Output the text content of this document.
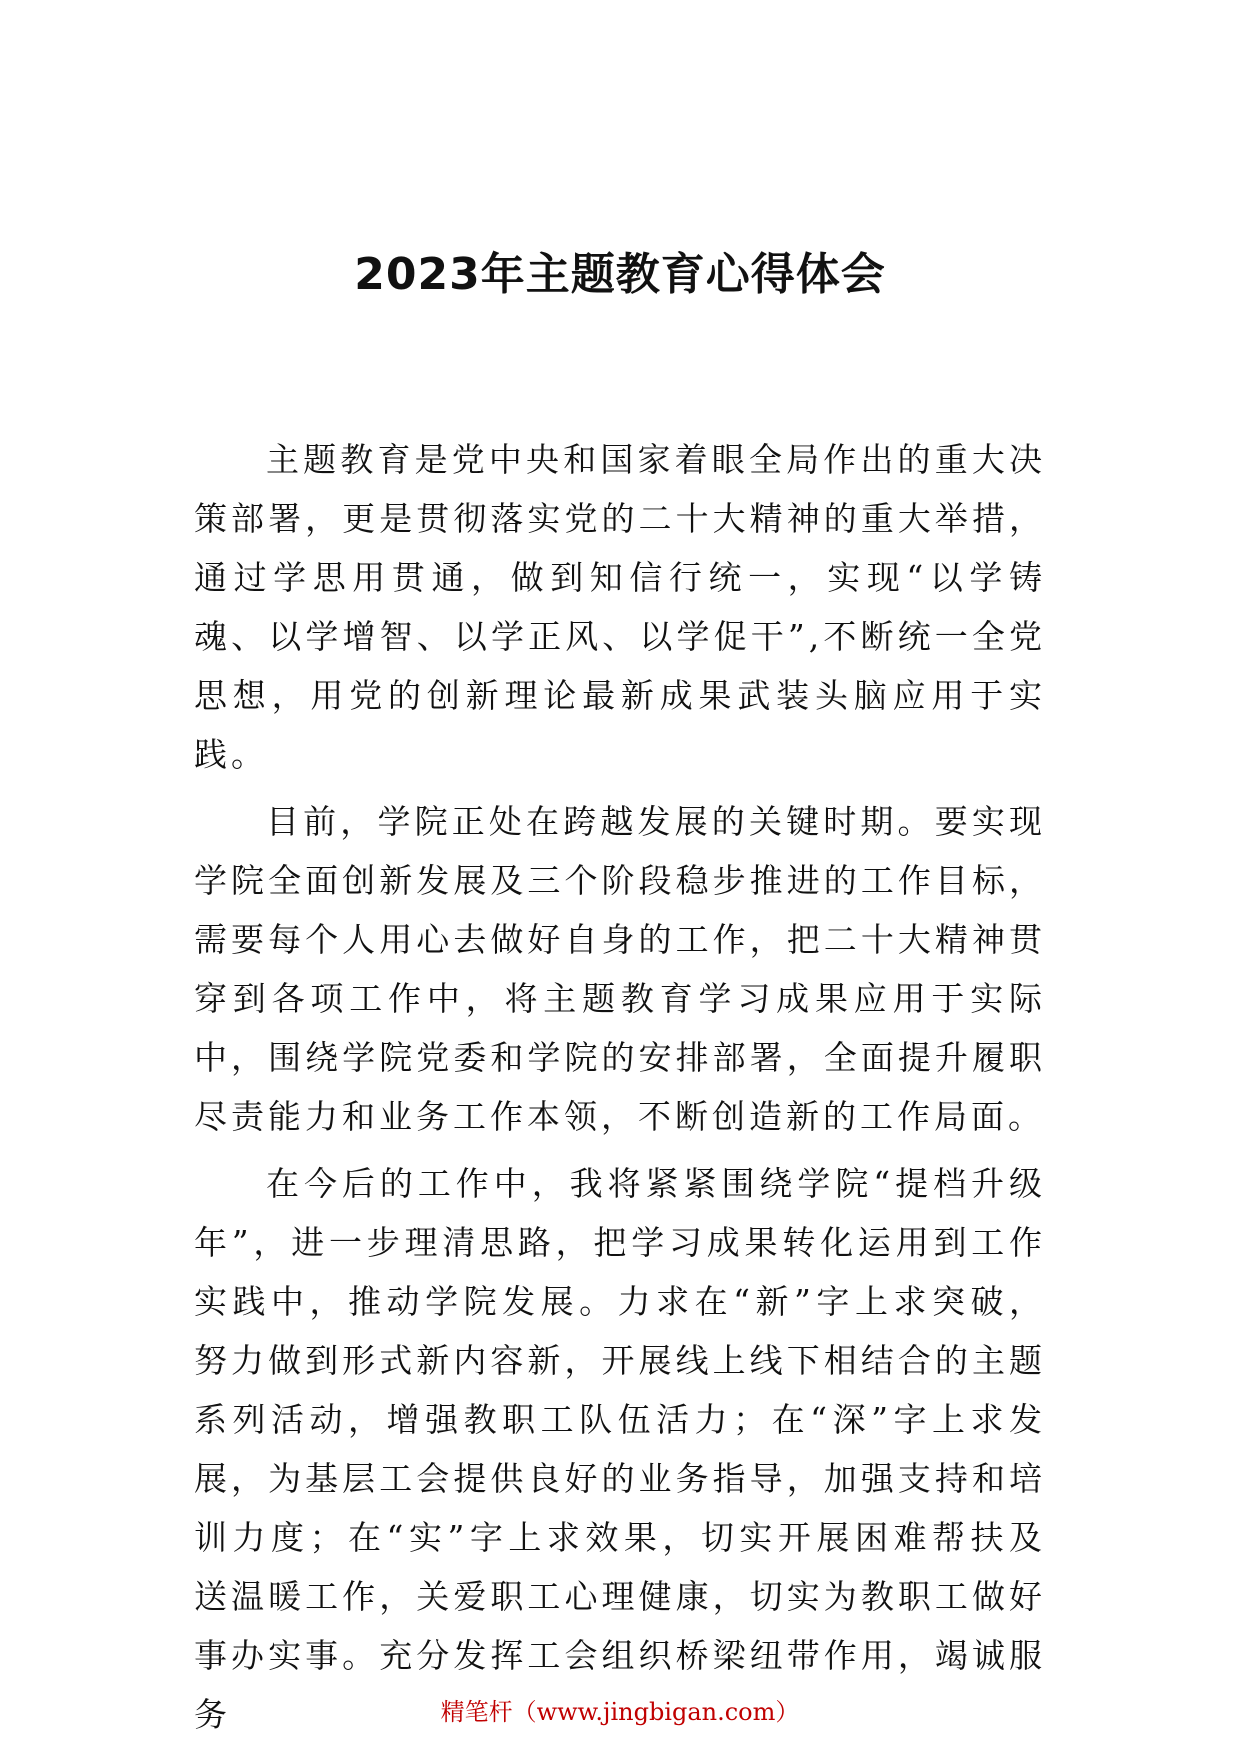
2023年主题教育心得体会

主题教育是党中央和国家着眼全局作出的重大决策部署，更是贯彻落实党的二十大精神的重大举措，通过学思用贯通，做到知信行统一，实现“以学铸魂、以学增智、以学正风、以学促干”,不断统一全党思想，用党的创新理论最新成果武装头脑应用于实践。

目前，学院正处在跨越发展的关键时期。要实现学院全面创新发展及三个阶段稳步推进的工作目标，需要每个人用心去做好自身的工作，把二十大精神贯穿到各项工作中，将主题教育学习成果应用于实际中，围绕学院党委和学院的安排部署，全面提升履职尽责能力和业务工作本领，不断创造新的工作局面。

在今后的工作中，我将紧紧围绕学院“提档升级年”，进一步理清思路，把学习成果转化运用到工作实践中，推动学院发展。力求在“新”字上求突破，努力做到形式新内容新，开展线上线下相结合的主题系列活动，增强教职工队伍活力；在“深”字上求发展，为基层工会提供良好的业务指导，加强支持和培训力度；在“实”字上求效果，切实开展困难帮扶及送温暖工作，关爱职工心理健康，切实为教职工做好事办实事。充分发挥工会组织桥梁纽带作用，竭诚服务	精笔杆（www.jingbigan.com）
